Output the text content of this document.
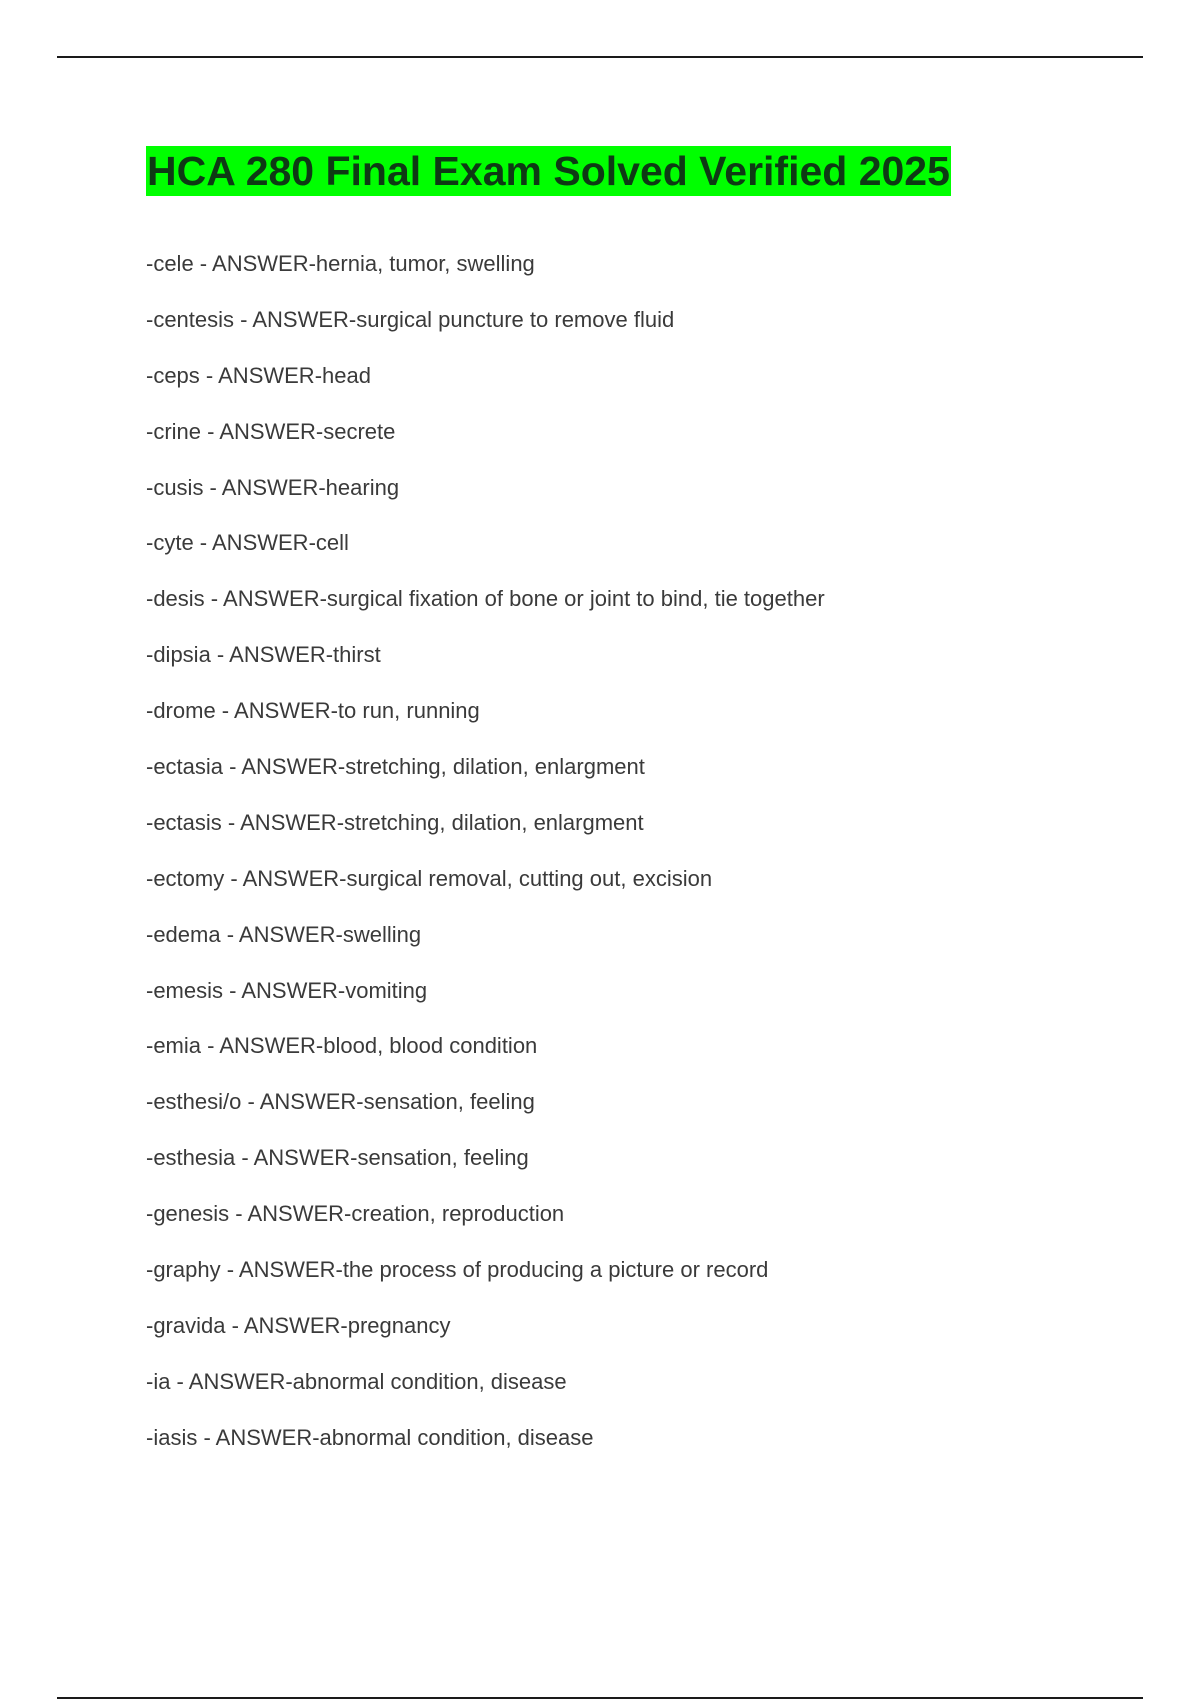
HCA 280 Final Exam Solved Verified 2025
-cele - ANSWER-hernia, tumor, swelling
-centesis - ANSWER-surgical puncture to remove fluid
-ceps - ANSWER-head
-crine - ANSWER-secrete
-cusis - ANSWER-hearing
-cyte - ANSWER-cell
-desis - ANSWER-surgical fixation of bone or joint to bind, tie together
-dipsia - ANSWER-thirst
-drome - ANSWER-to run, running
-ectasia - ANSWER-stretching, dilation, enlargment
-ectasis - ANSWER-stretching, dilation, enlargment
-ectomy - ANSWER-surgical removal, cutting out, excision
-edema - ANSWER-swelling
-emesis - ANSWER-vomiting
-emia - ANSWER-blood, blood condition
-esthesi/o - ANSWER-sensation, feeling
-esthesia - ANSWER-sensation, feeling
-genesis - ANSWER-creation, reproduction
-graphy - ANSWER-the process of producing a picture or record
-gravida - ANSWER-pregnancy
-ia - ANSWER-abnormal condition, disease
-iasis - ANSWER-abnormal condition, disease
